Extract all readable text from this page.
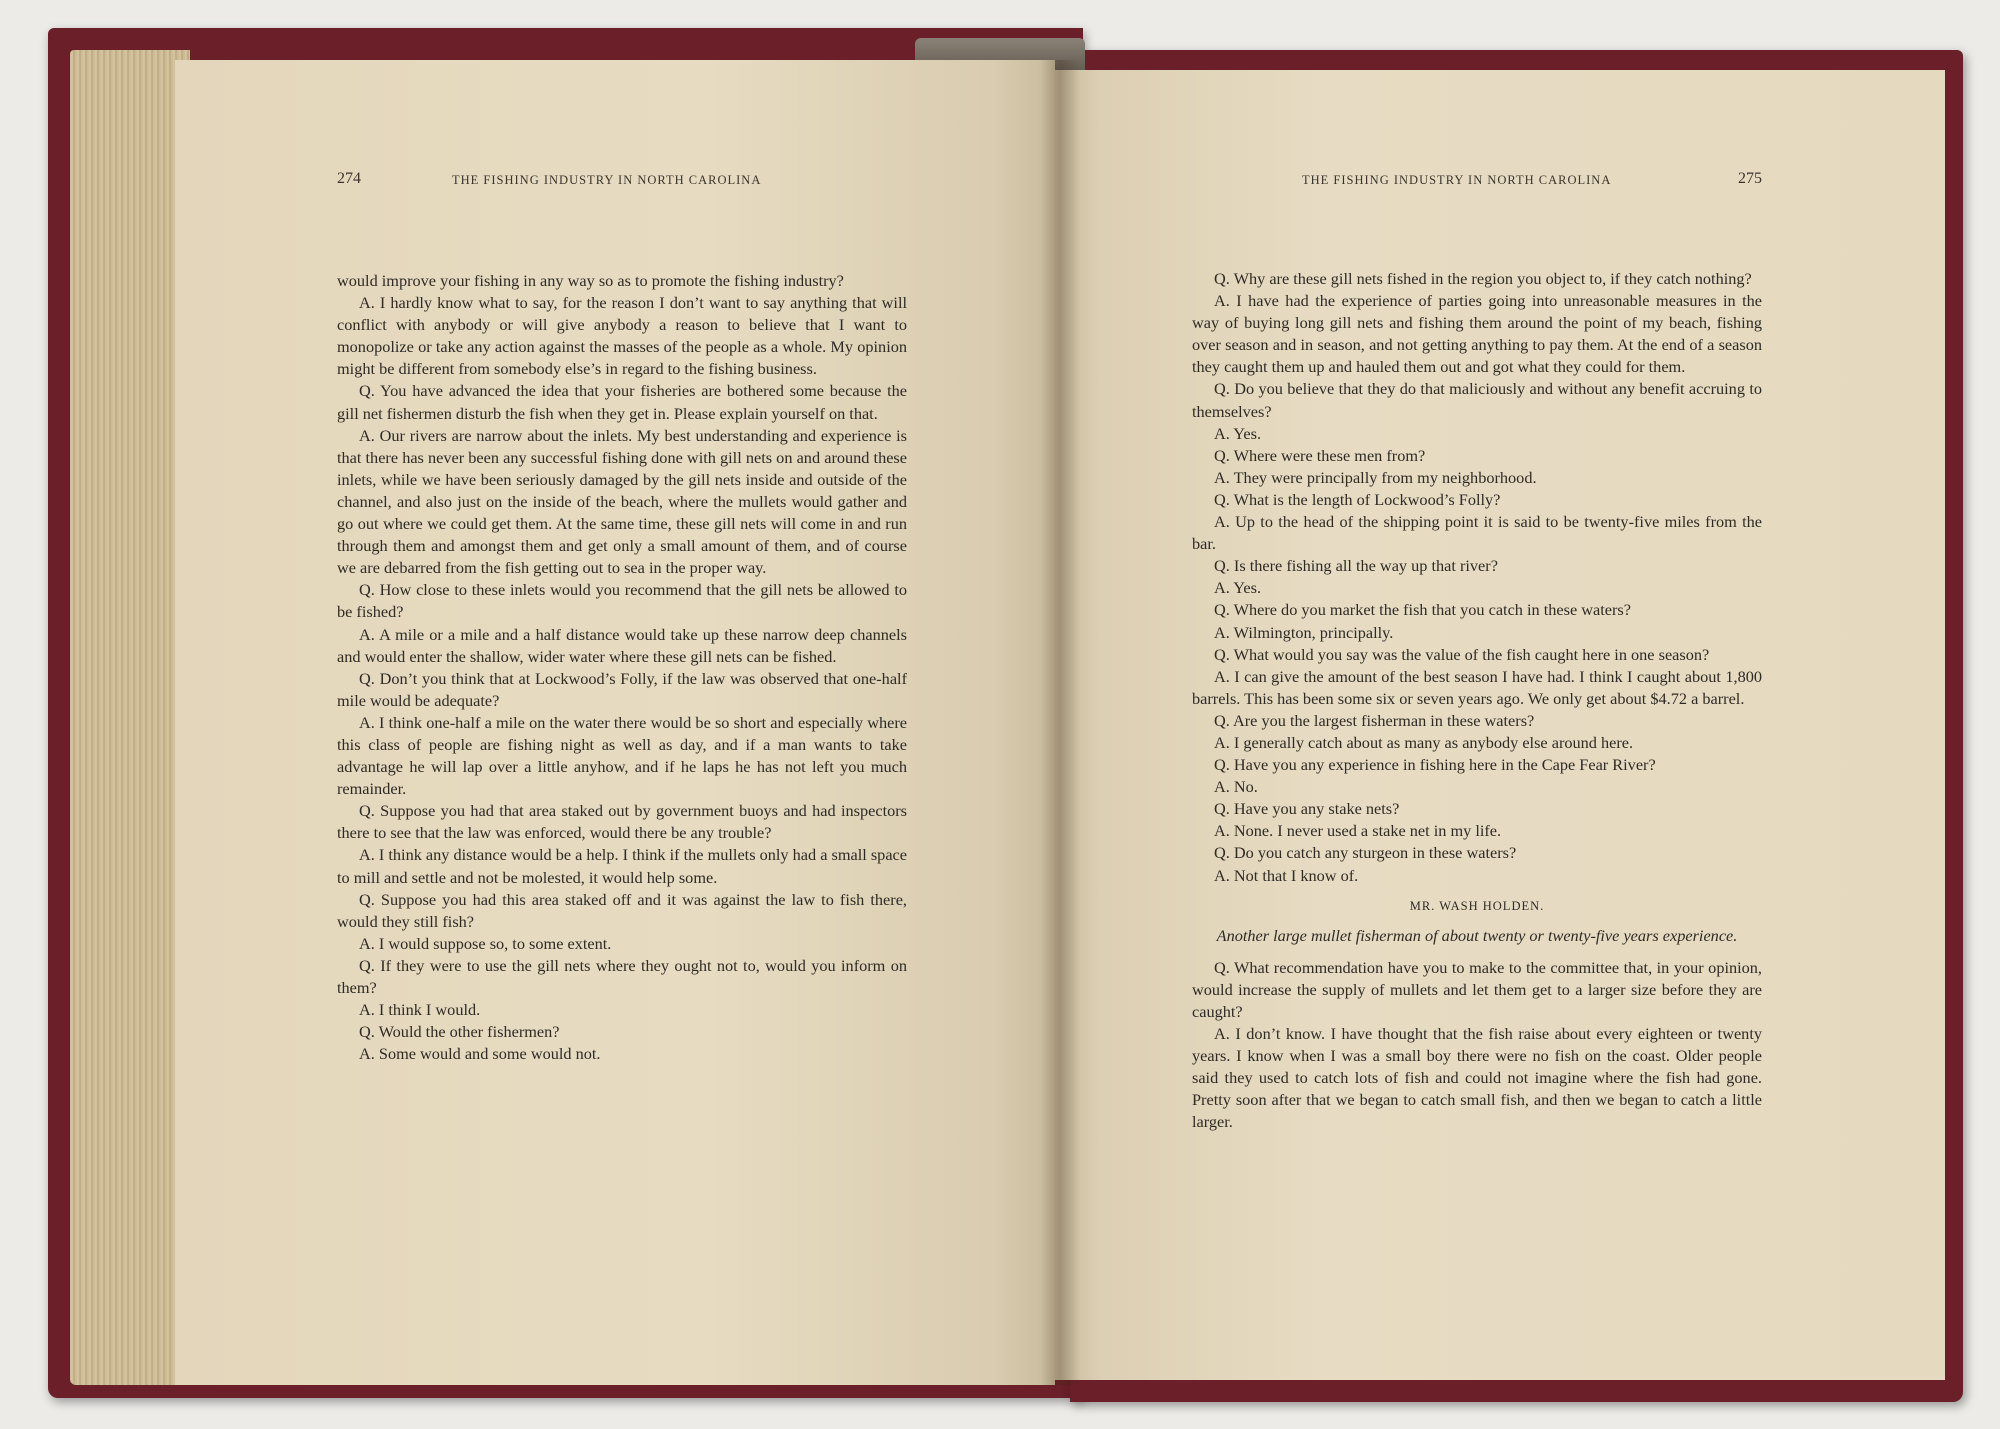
274	THE FISHING INDUSTRY IN NORTH CAROLINA	THE FISHING INDUSTRY IN NORTH CAROLINA	275

would improve your fishing in any way so as to promote the fishing industry?

A. I hardly know what to say, for the reason I don’t want to say anything that will conflict with anybody or will give anybody a reason to believe that I want to monopolize or take any action against the masses of the people as a whole. My opinion might be different from somebody else’s in regard to the fishing business.

Q. You have advanced the idea that your fisheries are bothered some because the gill net fishermen disturb the fish when they get in. Please explain yourself on that.

A. Our rivers are narrow about the inlets. My best understanding and experience is that there has never been any successful fishing done with gill nets on and around these inlets, while we have been seriously damaged by the gill nets inside and outside of the channel, and also just on the inside of the beach, where the mullets would gather and go out where we could get them. At the same time, these gill nets will come in and run through them and amongst them and get only a small amount of them, and of course we are debarred from the fish getting out to sea in the proper way.

Q. How close to these inlets would you recommend that the gill nets be allowed to be fished?

A. A mile or a mile and a half distance would take up these narrow deep channels and would enter the shallow, wider water where these gill nets can be fished.

Q. Don’t you think that at Lockwood’s Folly, if the law was observed that one-half mile would be adequate?

A. I think one-half a mile on the water there would be so short and especially where this class of people are fishing night as well as day, and if a man wants to take advantage he will lap over a little anyhow, and if he laps he has not left you much remainder.

Q. Suppose you had that area staked out by government buoys and had inspectors there to see that the law was enforced, would there be any trouble?

A. I think any distance would be a help. I think if the mullets only had a small space to mill and settle and not be molested, it would help some.

Q. Suppose you had this area staked off and it was against the law to fish there, would they still fish?

A. I would suppose so, to some extent.

Q. If they were to use the gill nets where they ought not to, would you inform on them?

A. I think I would.

Q. Would the other fishermen?

A. Some would and some would not.

Q. Why are these gill nets fished in the region you object to, if they catch nothing?

A. I have had the experience of parties going into unreasonable measures in the way of buying long gill nets and fishing them around the point of my beach, fishing over season and in season, and not getting anything to pay them. At the end of a season they caught them up and hauled them out and got what they could for them.

Q. Do you believe that they do that maliciously and without any benefit accruing to themselves?

A. Yes.

Q. Where were these men from?

A. They were principally from my neighborhood.

Q. What is the length of Lockwood’s Folly?

A. Up to the head of the shipping point it is said to be twenty-five miles from the bar.

Q. Is there fishing all the way up that river?

A. Yes.

Q. Where do you market the fish that you catch in these waters?

A. Wilmington, principally.

Q. What would you say was the value of the fish caught here in one season?

A. I can give the amount of the best season I have had. I think I caught about 1,800 barrels. This has been some six or seven years ago. We only get about $4.72 a barrel.

Q. Are you the largest fisherman in these waters?

A. I generally catch about as many as anybody else around here.

Q. Have you any experience in fishing here in the Cape Fear River?

A. No.

Q. Have you any stake nets?

A. None. I never used a stake net in my life.

Q. Do you catch any sturgeon in these waters?

A. Not that I know of.

MR. WASH HOLDEN.

Another large mullet fisherman of about twenty or twenty-five years experience.

Q. What recommendation have you to make to the committee that, in your opinion, would increase the supply of mullets and let them get to a larger size before they are caught?

A. I don’t know. I have thought that the fish raise about every eighteen or twenty years. I know when I was a small boy there were no fish on the coast. Older people said they used to catch lots of fish and could not imagine where the fish had gone. Pretty soon after that we began to catch small fish, and then we began to catch a little larger.
